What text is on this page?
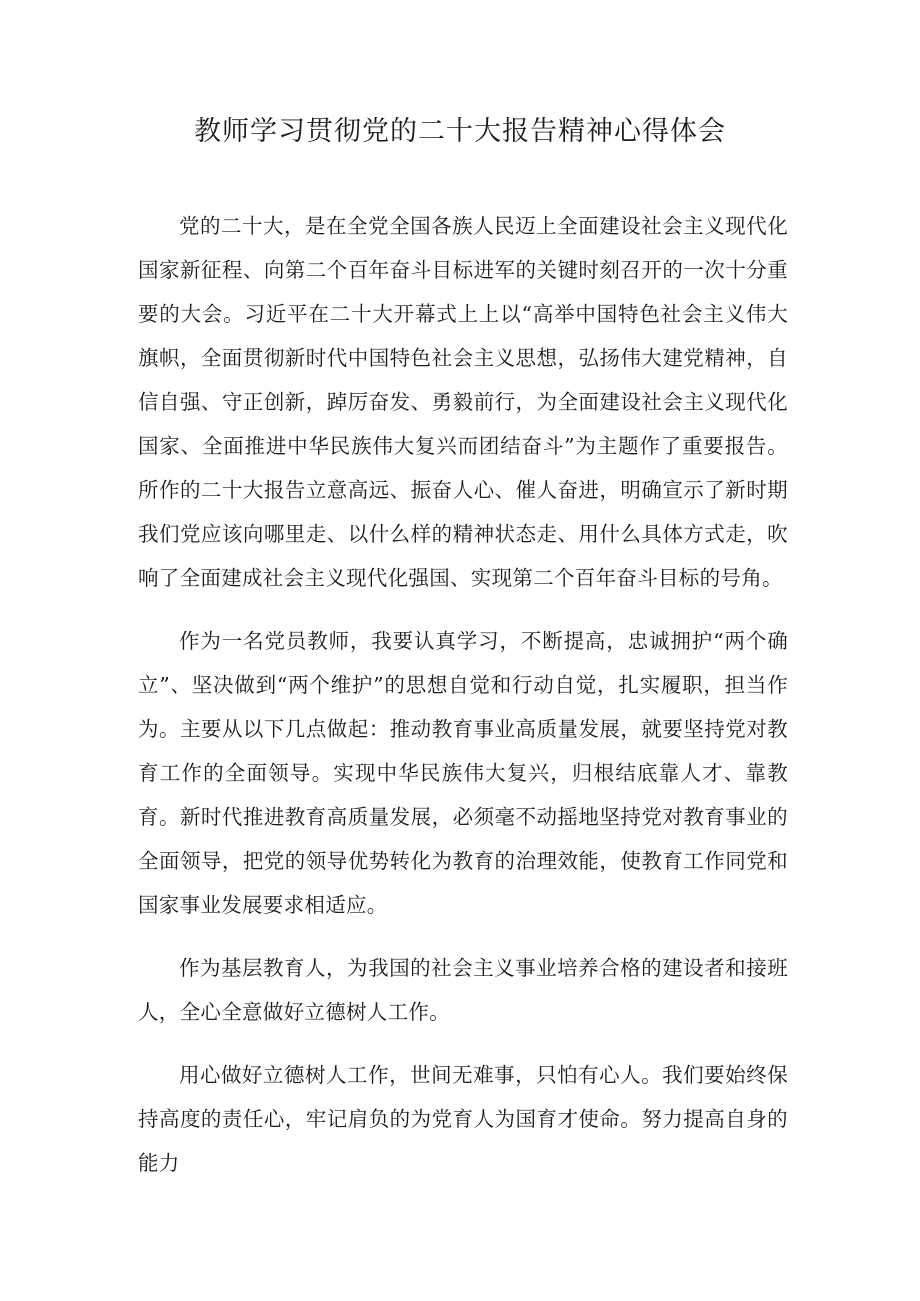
教师学习贯彻党的二十大报告精神心得体会

党的二十大，是在全党全国各族人民迈上全面建设社会主义现代化国家新征程、向第二个百年奋斗目标进军的关键时刻召开的一次十分重要的大会。习近平在二十大开幕式上上以“高举中国特色社会主义伟大旗帜，全面贯彻新时代中国特色社会主义思想，弘扬伟大建党精神，自信自强、守正创新，踔厉奋发、勇毅前行，为全面建设社会主义现代化国家、全面推进中华民族伟大复兴而团结奋斗”为主题作了重要报告。所作的二十大报告立意高远、振奋人心、催人奋进，明确宣示了新时期我们党应该向哪里走、以什么样的精神状态走、用什么具体方式走，吹响了全面建成社会主义现代化强国、实现第二个百年奋斗目标的号角。

作为一名党员教师，我要认真学习，不断提高，忠诚拥护“两个确立”、坚决做到“两个维护”的思想自觉和行动自觉，扎实履职，担当作为。主要从以下几点做起：推动教育事业高质量发展，就要坚持党对教育工作的全面领导。实现中华民族伟大复兴，归根结底靠人才、靠教育。新时代推进教育高质量发展，必须毫不动摇地坚持党对教育事业的全面领导，把党的领导优势转化为教育的治理效能，使教育工作同党和国家事业发展要求相适应。

作为基层教育人，为我国的社会主义事业培养合格的建设者和接班人，全心全意做好立德树人工作。

用心做好立德树人工作，世间无难事，只怕有心人。我们要始终保持高度的责任心，牢记肩负的为党育人为国育才使命。努力提高自身的能力
